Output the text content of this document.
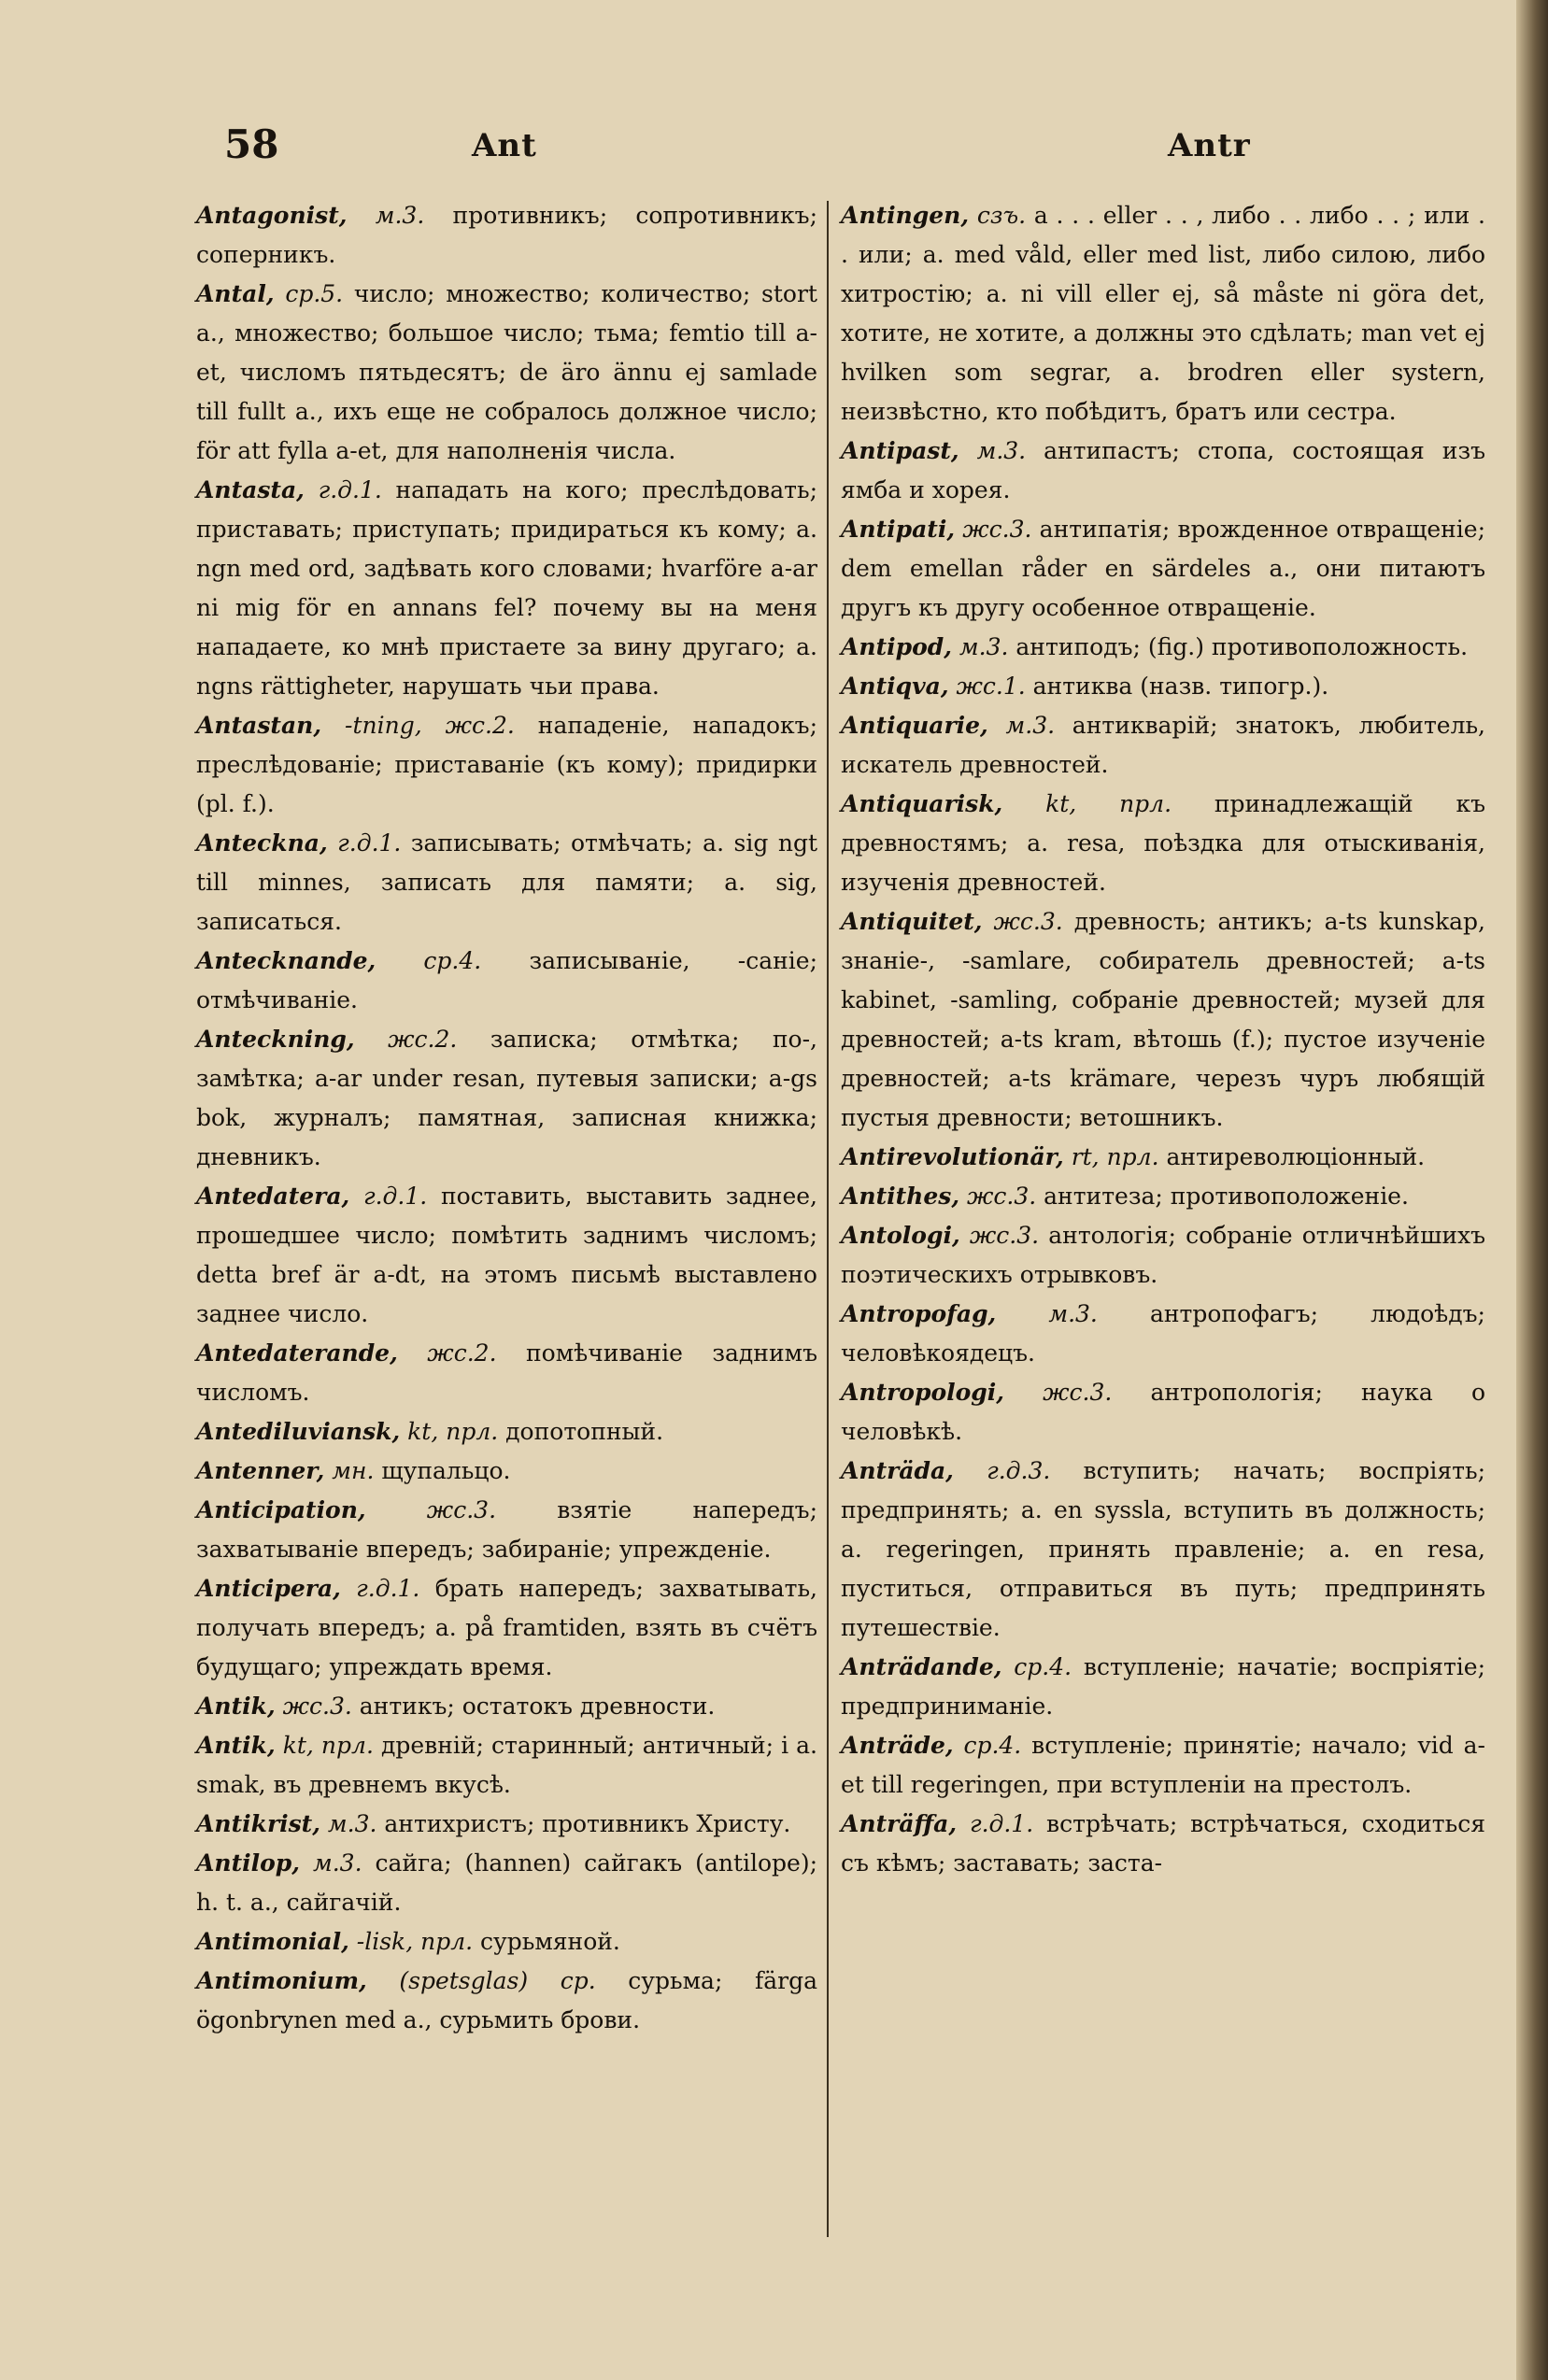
58	Ant	Antr
Antagonist, м.3. противникъ; сопротивникъ; соперникъ.
Antal, ср.5. число; множество; количество; stort a., множество; большое число; тьма; femtio till a-et, числомъ пятьдесятъ; de äro ännu ej samlade till fullt a., ихъ еще не собралось должное число; för att fylla a-et, для наполненія числа.
Antasta, г.д.1. нападать на кого; преслѣдовать; приставать; приступать; придираться къ кому; a. ngn med ord, задѣвать кого словами; hvarföre a-ar ni mig för en annans fel? почему вы на меня нападаете, ко мнѣ пристаете за вину другаго; a. ngns rättigheter, нарушать чьи права.
Antastan, -tning, жс.2. нападеніе, нападокъ; преслѣдованіе; приставаніе (къ кому); придирки (pl. f.).
Anteckna, г.д.1. записывать; отмѣчать; a. sig ngt till minnes, записать для памяти; a. sig, записаться.
Antecknande, ср.4. записываніе, -саніе; отмѣчиваніе.
Anteckning, жс.2. записка; отмѣтка; по-, замѣтка; a-ar under resan, путевыя записки; a-gs bok, журналъ; памятная, записная книжка; дневникъ.
Antedatera, г.д.1. поставить, выставить заднее, прошедшее число; помѣтить заднимъ числомъ; detta bref är a-dt, на этомъ письмѣ выставлено заднее число.
Antedaterande, жс.2. помѣчиваніе заднимъ числомъ.
Antediluviansk, kt, прл. допотопный.
Antenner, мн. щупальцо.
Anticipation,	жс.3.	взятіе напередъ; захватываніе впередъ; забираніе; упрежденіе.
Anticipera, г.д.1. брать напередъ; захватывать, получать впередъ; a. på framtiden, взять въ счётъ будущаго; упреждать время.
Antik, жс.3. антикъ; остатокъ древности.
Antik, kt, прл. древній; старинный; античный; i a. smak, въ древнемъ вкусѣ.
Antikrist, м.3. антихристъ; противникъ Христу.
Antilop, м.3. сайга; (hannen) сайгакъ (antilope); h. t. a., сайгачій.
Antimonial, -lisk, прл. сурьмяной.
Antimonium, (spetsglas) ср. сурьма; färga ögonbrynen med a., сурьмить брови.
Antingen, сзъ. a . . . eller . . , либо . . либо . . ; или . . или; a. med våld, eller med list, либо силою, либо хитростію; a. ni vill eller ej, så måste ni göra det, хотите, не хотите, а должны это сдѣлать; man vet ej hvilken som segrar, a. brodren eller systern, неизвѣстно, кто побѣдитъ, братъ или сестра.
Antipast, м.3. антипастъ; стопа, состоящая изъ ямба и хорея.
Antipati, жс.3. антипатія; врожденное отвращеніе; dem emellan råder en särdeles a., они питаютъ другъ къ другу особенное отвращеніе.
Antipod, м.3. антиподъ; (fig.) противоположность.
Antiqva, жс.1. антиква (назв. типогр.).
Antiquarie, м.3. антикварій; знатокъ, любитель, искатель древностей.
Antiquarisk, kt, прл. принадлежащій къ древностямъ; a. resa, поѣздка для отыскиванія, изученія древностей.
Antiquitet, жс.3. древность; антикъ; a-ts kunskap, знаніе-, -samlare, собиратель древностей; a-ts kabinet, -samling, собраніе древностей; музей для древностей; a-ts kram, вѣтошь (f.); пустое изученіе древностей; a-ts krämare, черезъ чуръ любящій пустыя древности; ветошникъ.
Antirevolutionär, rt, прл. антиреволюціонный.
Antithes, жс.3. антитеза; противоположеніе.
Antologi, жс.3. антологія; собраніе отличнѣйшихъ поэтическихъ отрывковъ.
Antropofag, м.3. антропофагъ; людоѣдъ; человѣкоядецъ.
Antropologi, жс.3. антропологія; наука о человѣкѣ.
Anträda, г.д.3. вступить; начать; воспріять; предпринять; a. en syssla, вступить въ должность; a. regeringen, принять правленіе; a. en resa, пуститься, отправиться въ путь; предпринять путешествіе.
Anträdande, ср.4. вступленіе; начатіе; воспріятіе; предприниманіе.
Anträde, ср.4. вступленіе; принятіе; начало; vid a-et till regeringen, при вступленіи на престолъ.
Anträffa, г.д.1. встрѣчать; встрѣчаться, сходиться съ кѣмъ; заставать; заста-
